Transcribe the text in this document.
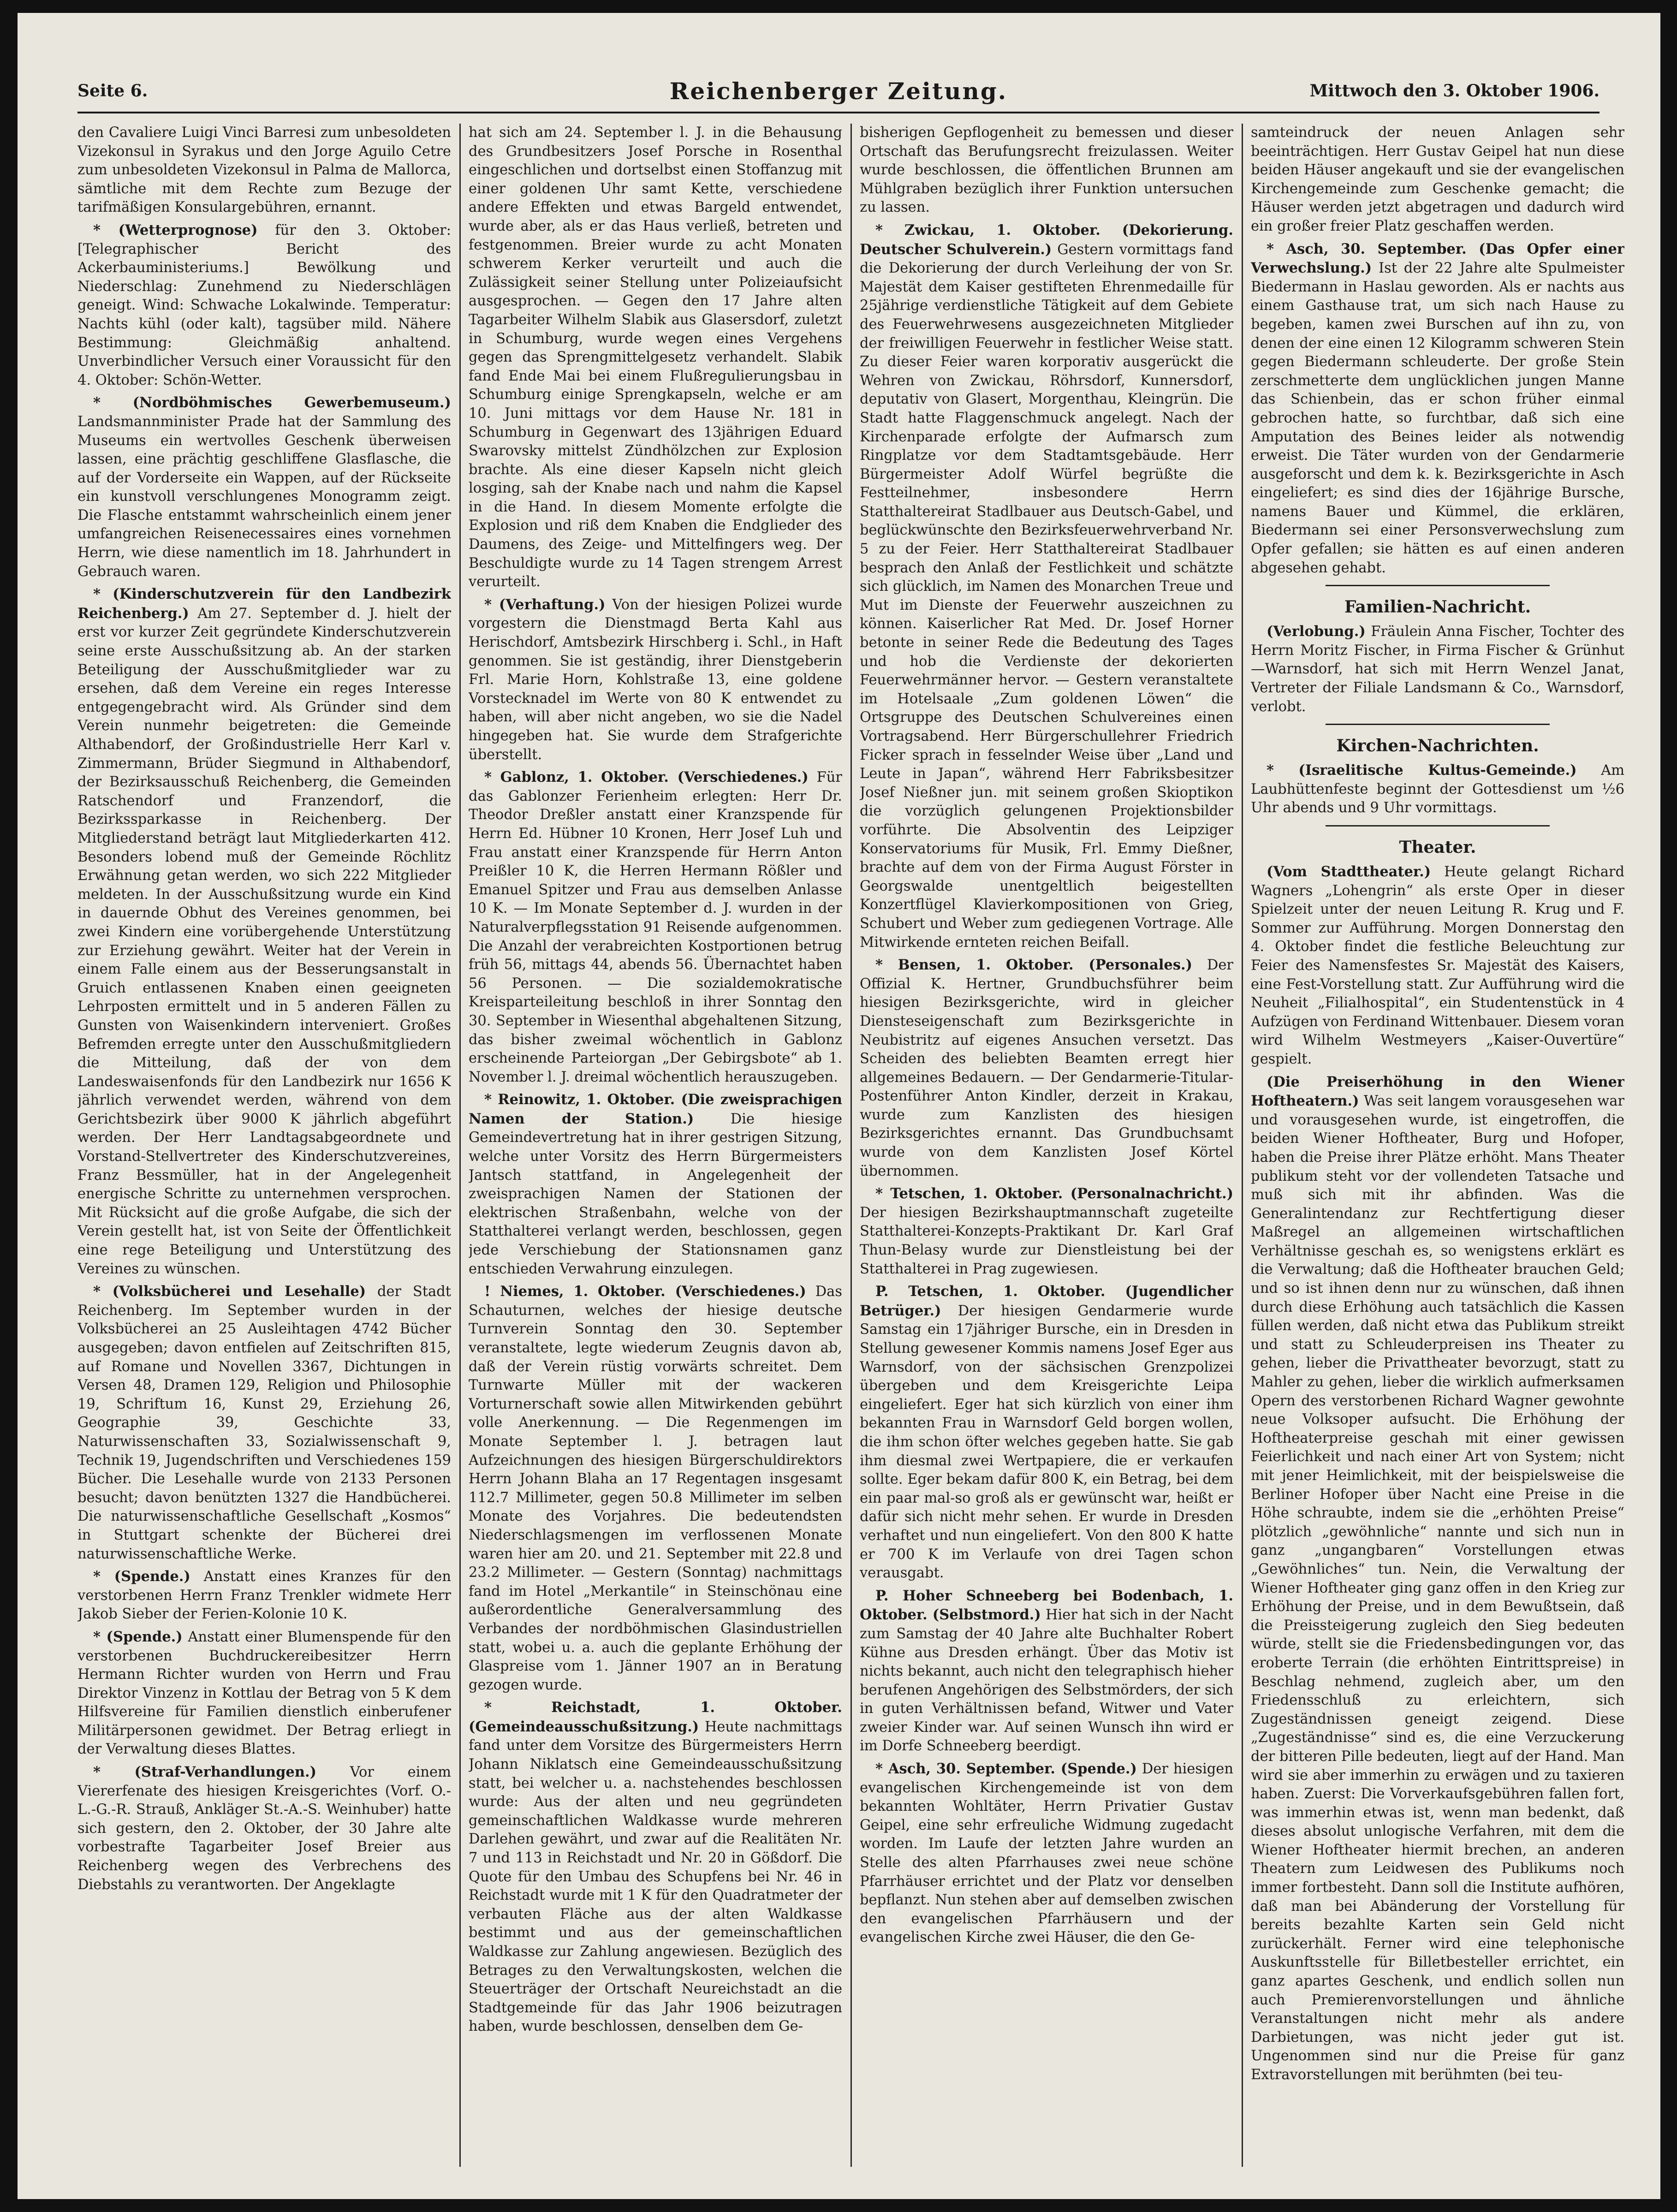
Seite 6.	Reichenberger Zeitung.	Mittwoch den 3. Oktober 1906.

den Cavaliere Luigi Vinci Barresi zum unbesoldeten Vizekonsul in Syrakus und den Jorge Aguilo Cetre zum unbesoldeten Vizekonsul in Palma de Mallorca, sämtliche mit dem Rechte zum Bezuge der tarifmäßigen Konsulargebühren, ernannt.

* (Wetterprognose) für den 3. Oktober: [Telegraphischer Bericht des Ackerbauministeriums.] Bewölkung und Niederschlag: Zunehmend zu Niederschlägen geneigt. Wind: Schwache Lokalwinde. Temperatur: Nachts kühl (oder kalt), tagsüber mild. Nähere Bestimmung: Gleichmäßig anhaltend. Unverbindlicher Versuch einer Voraussicht für den 4. Oktober: Schön-Wetter.

* (Nordböhmisches Gewerbemuseum.) Landsmannminister Prade hat der Sammlung des Museums ein wertvolles Geschenk überweisen lassen, eine prächtig geschliffene Glasflasche, die auf der Vorderseite ein Wappen, auf der Rückseite ein kunstvoll verschlungenes Monogramm zeigt. Die Flasche entstammt wahrscheinlich einem jener umfangreichen Reisenecessaires eines vornehmen Herrn, wie diese namentlich im 18. Jahrhundert in Gebrauch waren.

* (Kinderschutzverein für den Landbezirk Reichenberg.) Am 27. September d. J. hielt der erst vor kurzer Zeit gegründete Kinderschutzverein seine erste Ausschußsitzung ab. An der starken Beteiligung der Ausschußmitglieder war zu ersehen, daß dem Vereine ein reges Interesse entgegengebracht wird. Als Gründer sind dem Verein nunmehr beigetreten: die Gemeinde Althabendorf, der Großindustrielle Herr Karl v. Zimmermann, Brüder Siegmund in Althabendorf, der Bezirksausschuß Reichenberg, die Gemeinden Ratschendorf und Franzendorf, die Bezirkssparkasse in Reichenberg. Der Mitgliederstand beträgt laut Mitgliederkarten 412. Besonders lobend muß der Gemeinde Röchlitz Erwähnung getan werden, wo sich 222 Mitglieder meldeten. In der Ausschußsitzung wurde ein Kind in dauernde Obhut des Vereines genommen, bei zwei Kindern eine vorübergehende Unterstützung zur Erziehung gewährt. Weiter hat der Verein in einem Falle einem aus der Besserungsanstalt in Gruich entlassenen Knaben einen geeigneten Lehrposten ermittelt und in 5 anderen Fällen zu Gunsten von Waisenkindern interveniert. Großes Befremden erregte unter den Ausschußmitgliedern die Mitteilung, daß der von dem Landeswaisenfonds für den Landbezirk nur 1656 K jährlich verwendet werden, während von dem Gerichtsbezirk über 9000 K jährlich abgeführt werden. Der Herr Landtagsabgeordnete und Vorstand-Stellvertreter des Kinderschutzvereines, Franz Bessmüller, hat in der Angelegenheit energische Schritte zu unternehmen versprochen. Mit Rücksicht auf die große Aufgabe, die sich der Verein gestellt hat, ist von Seite der Öffentlichkeit eine rege Beteiligung und Unterstützung des Vereines zu wünschen.

* (Volksbücherei und Lesehalle) der Stadt Reichenberg. Im September wurden in der Volksbücherei an 25 Ausleihtagen 4742 Bücher ausgegeben; davon entfielen auf Zeitschriften 815, auf Romane und Novellen 3367, Dichtungen in Versen 48, Dramen 129, Religion und Philosophie 19, Schriftum 16, Kunst 29, Erziehung 26, Geographie 39, Geschichte 33, Naturwissenschaften 33, Sozialwissenschaft 9, Technik 19, Jugendschriften und Verschiedenes 159 Bücher. Die Lesehalle wurde von 2133 Personen besucht; davon benützten 1327 die Handbücherei. Die naturwissenschaftliche Gesellschaft „Kosmos“ in Stuttgart schenkte der Bücherei drei naturwissenschaftliche Werke.

* (Spende.) Anstatt eines Kranzes für den verstorbenen Herrn Franz Trenkler widmete Herr Jakob Sieber der Ferien-Kolonie 10 K.

* (Spende.) Anstatt einer Blumenspende für den verstorbenen Buchdruckereibesitzer Herrn Hermann Richter wurden von Herrn und Frau Direktor Vinzenz in Kottlau der Betrag von 5 K dem Hilfsvereine für Familien dienstlich einberufener Militärpersonen gewidmet. Der Betrag erliegt in der Verwaltung dieses Blattes.

* (Straf-Verhandlungen.) Vor einem Viererfenate des hiesigen Kreisgerichtes (Vorf. O.-L.-G.-R. Strauß, Ankläger St.-A.-S. Weinhuber) hatte sich gestern, den 2. Oktober, der 30 Jahre alte vorbestrafte Tagarbeiter Josef Breier aus Reichenberg wegen des Verbrechens des Diebstahls zu verantworten. Der Angeklagte

hat sich am 24. September l. J. in die Behausung des Grundbesitzers Josef Porsche in Rosenthal eingeschlichen und dortselbst einen Stoffanzug mit einer goldenen Uhr samt Kette, verschiedene andere Effekten und etwas Bargeld entwendet, wurde aber, als er das Haus verließ, betreten und festgenommen. Breier wurde zu acht Monaten schwerem Kerker verurteilt und auch die Zulässigkeit seiner Stellung unter Polizeiaufsicht ausgesprochen. — Gegen den 17 Jahre alten Tagarbeiter Wilhelm Slabik aus Glasersdorf, zuletzt in Schumburg, wurde wegen eines Vergehens gegen das Sprengmittelgesetz verhandelt. Slabik fand Ende Mai bei einem Flußregulierungsbau in Schumburg einige Sprengkapseln, welche er am 10. Juni mittags vor dem Hause Nr. 181 in Schumburg in Gegenwart des 13jährigen Eduard Swarovsky mittelst Zündhölzchen zur Explosion brachte. Als eine dieser Kapseln nicht gleich losging, sah der Knabe nach und nahm die Kapsel in die Hand. In diesem Momente erfolgte die Explosion und riß dem Knaben die Endglieder des Daumens, des Zeige- und Mittelfingers weg. Der Beschuldigte wurde zu 14 Tagen strengem Arrest verurteilt.

* (Verhaftung.) Von der hiesigen Polizei wurde vorgestern die Dienstmagd Berta Kahl aus Herischdorf, Amtsbezirk Hirschberg i. Schl., in Haft genommen. Sie ist geständig, ihrer Dienstgeberin Frl. Marie Horn, Kohlstraße 13, eine goldene Vorstecknadel im Werte von 80 K entwendet zu haben, will aber nicht angeben, wo sie die Nadel hingegeben hat. Sie wurde dem Strafgerichte überstellt.

* Gablonz, 1. Oktober. (Verschiedenes.) Für das Gablonzer Ferienheim erlegten: Herr Dr. Theodor Dreßler anstatt einer Kranzspende für Herrn Ed. Hübner 10 Kronen, Herr Josef Luh und Frau anstatt einer Kranzspende für Herrn Anton Preißler 10 K, die Herren Hermann Rößler und Emanuel Spitzer und Frau aus demselben Anlasse 10 K. — Im Monate September d. J. wurden in der Naturalverpflegsstation 91 Reisende aufgenommen. Die Anzahl der verabreichten Kostportionen betrug früh 56, mittags 44, abends 56. Übernachtet haben 56 Personen. — Die sozialdemokratische Kreisparteileitung beschloß in ihrer Sonntag den 30. September in Wiesenthal abgehaltenen Sitzung, das bisher zweimal wöchentlich in Gablonz erscheinende Parteiorgan „Der Gebirgsbote“ ab 1. November l. J. dreimal wöchentlich herauszugeben.

* Reinowitz, 1. Oktober. (Die zweisprachigen Namen der Station.)	Die hiesige Gemeindevertretung hat in ihrer gestrigen Sitzung, welche unter Vorsitz des Herrn Bürgermeisters Jantsch stattfand, in Angelegenheit der zweisprachigen Namen der Stationen der elektrischen Straßenbahn, welche von der Statthalterei verlangt werden, beschlossen, gegen jede Verschiebung der Stationsnamen ganz entschieden Verwahrung einzulegen.

! Niemes, 1. Oktober. (Verschiedenes.) Das Schauturnen, welches der hiesige deutsche Turnverein Sonntag den 30. September veranstaltete, legte wiederum Zeugnis davon ab, daß der Verein rüstig vorwärts schreitet. Dem Turnwarte Müller mit der wackeren Vorturnerschaft sowie allen Mitwirkenden gebührt volle Anerkennung. — Die Regenmengen im Monate September l. J. betragen laut Aufzeichnungen des hiesigen Bürgerschuldirektors Herrn Johann Blaha an 17 Regentagen insgesamt 112.7 Millimeter, gegen 50.8 Millimeter im selben Monate des Vorjahres. Die bedeutendsten Niederschlagsmengen im verflossenen Monate waren hier am 20. und 21. September mit 22.8 und 23.2 Millimeter. — Gestern (Sonntag) nachmittags fand im Hotel „Merkantile“ in Steinschönau eine außerordentliche Generalversammlung des Verbandes der nordböhmischen Glasindustriellen statt, wobei u. a. auch die geplante Erhöhung der Glaspreise vom 1. Jänner 1907 an in Beratung gezogen wurde.

* Reichstadt, 1. Oktober. (Gemeindeausschußsitzung.) Heute nachmittags fand unter dem Vorsitze des Bürgermeisters Herrn Johann Niklatsch eine Gemeindeausschußsitzung statt, bei welcher u. a. nachstehendes beschlossen wurde: Aus der alten und neu gegründeten gemeinschaftlichen Waldkasse wurde mehreren Darlehen gewährt, und zwar auf die Realitäten Nr. 7 und 113 in Reichstadt und Nr. 20 in Gößdorf. Die Quote für den Umbau des Schupfens bei Nr. 46 in Reichstadt wurde mit 1 K für den Quadratmeter der verbauten Fläche aus der alten Waldkasse bestimmt und aus der gemeinschaftlichen Waldkasse zur Zahlung angewiesen. Bezüglich des Betrages zu den Verwaltungskosten, welchen die Steuerträger der Ortschaft Neureichstadt an die Stadtgemeinde für das Jahr 1906 beizutragen haben, wurde beschlossen, denselben dem Ge-

bisherigen Gepflogenheit zu bemessen und dieser Ortschaft das Berufungsrecht freizulassen. Weiter wurde beschlossen, die öffentlichen Brunnen am Mühlgraben bezüglich ihrer Funktion untersuchen zu lassen.

* Zwickau, 1. Oktober. (Dekorierung. Deutscher Schulverein.) Gestern vormittags fand die Dekorierung der durch Verleihung der von Sr. Majestät dem Kaiser gestifteten Ehrenmedaille für 25jährige verdienstliche Tätigkeit auf dem Gebiete des Feuerwehrwesens ausgezeichneten Mitglieder der freiwilligen Feuerwehr in festlicher Weise statt. Zu dieser Feier waren korporativ ausgerückt die Wehren von Zwickau, Röhrsdorf, Kunnersdorf, deputativ von Glasert, Morgenthau, Kleingrün. Die Stadt hatte Flaggenschmuck angelegt. Nach der Kirchenparade erfolgte der Aufmarsch zum Ringplatze vor dem Stadtamtsgebäude. Herr Bürgermeister Adolf Würfel begrüßte die Festteilnehmer, insbesondere Herrn Statthaltereirat Stadlbauer aus Deutsch-Gabel, und beglückwünschte den Bezirksfeuerwehrverband Nr. 5 zu der Feier. Herr Statthaltereirat Stadlbauer besprach den Anlaß der Festlichkeit und schätzte sich glücklich, im Namen des Monarchen Treue und Mut im Dienste der Feuerwehr auszeichnen zu können. Kaiserlicher Rat Med. Dr. Josef Horner betonte in seiner Rede die Bedeutung des Tages und hob die Verdienste der dekorierten Feuerwehrmänner hervor. — Gestern veranstaltete im Hotelsaale „Zum goldenen Löwen“ die Ortsgruppe des Deutschen Schulvereines einen Vortragsabend. Herr Bürgerschullehrer Friedrich Ficker sprach in fesselnder Weise über „Land und Leute in Japan“, während Herr Fabriksbesitzer Josef Nießner jun. mit seinem großen Skioptikon die vorzüglich gelungenen Projektionsbilder vorführte. Die Absolventin des Leipziger Konservatoriums für Musik, Frl. Emmy Dießner, brachte auf dem von der Firma August Förster in Georgswalde unentgeltlich beigestellten Konzertflügel Klavierkompositionen von Grieg, Schubert und Weber zum gediegenen Vortrage. Alle Mitwirkende ernteten reichen Beifall.

* Bensen, 1. Oktober. (Personales.) Der Offizial K. Hertner, Grundbuchsführer beim hiesigen Bezirksgerichte, wird in gleicher Diensteseigenschaft zum Bezirksgerichte in Neubistritz auf eigenes Ansuchen versetzt. Das Scheiden des beliebten Beamten erregt hier allgemeines Bedauern. — Der Gendarmerie-Titular-Postenführer Anton Kindler, derzeit in Krakau, wurde zum Kanzlisten des hiesigen Bezirksgerichtes ernannt. Das Grundbuchsamt wurde von dem Kanzlisten Josef Körtel übernommen.

* Tetschen, 1. Oktober. (Personalnachricht.) Der hiesigen Bezirkshauptmannschaft zugeteilte Statthalterei-Konzepts-Praktikant Dr. Karl Graf Thun-Belasy wurde zur Dienstleistung bei der Statthalterei in Prag zugewiesen.

P. Tetschen, 1. Oktober. (Jugendlicher Betrüger.) Der hiesigen Gendarmerie wurde Samstag ein 17jähriger Bursche, ein in Dresden in Stellung gewesener Kommis namens Josef Eger aus Warnsdorf, von der sächsischen Grenzpolizei übergeben und dem Kreisgerichte Leipa eingeliefert. Eger hat sich kürzlich von einer ihm bekannten Frau in Warnsdorf Geld borgen wollen, die ihm schon öfter welches gegeben hatte. Sie gab ihm diesmal zwei Wertpapiere, die er verkaufen sollte. Eger bekam dafür 800 K, ein Betrag, bei dem ein paar mal-so groß als er gewünscht war, heißt er dafür sich nicht mehr sehen. Er wurde in Dresden verhaftet und nun eingeliefert. Von den 800 K hatte er 700 K im Verlaufe von drei Tagen schon verausgabt.

P. Hoher Schneeberg bei Bodenbach, 1. Oktober. (Selbstmord.) Hier hat sich in der Nacht zum Samstag der 40 Jahre alte Buchhalter Robert Kühne aus Dresden erhängt. Über das Motiv ist nichts bekannt, auch nicht den telegraphisch hieher berufenen Angehörigen des Selbstmörders, der sich in guten Verhältnissen befand, Witwer und Vater zweier Kinder war. Auf seinen Wunsch ihn wird er im Dorfe Schneeberg beerdigt.

* Asch, 30. September. (Spende.) Der hiesigen evangelischen Kirchengemeinde ist von dem bekannten Wohltäter, Herrn Privatier Gustav Geipel, eine sehr erfreuliche Widmung zugedacht worden. Im Laufe der letzten Jahre wurden an Stelle des alten Pfarrhauses zwei neue schöne Pfarrhäuser errichtet und der Platz vor denselben bepflanzt. Nun stehen aber auf demselben zwischen den evangelischen Pfarrhäusern und der evangelischen Kirche zwei Häuser, die den Ge-

samteindruck der neuen Anlagen sehr beeinträchtigen. Herr Gustav Geipel hat nun diese beiden Häuser angekauft und sie der evangelischen Kirchengemeinde zum Geschenke gemacht; die Häuser werden jetzt abgetragen und dadurch wird ein großer freier Platz geschaffen werden.

* Asch, 30. September. (Das Opfer einer Verwechslung.) Ist der 22 Jahre alte Spulmeister Biedermann in Haslau geworden. Als er nachts aus einem Gasthause trat, um sich nach Hause zu begeben, kamen zwei Burschen auf ihn zu, von denen der eine einen 12 Kilogramm schweren Stein gegen Biedermann schleuderte. Der große Stein zerschmetterte dem unglücklichen jungen Manne das Schienbein, das er schon früher einmal gebrochen hatte, so furchtbar, daß sich eine Amputation des Beines leider als notwendig erweist. Die Täter wurden von der Gendarmerie ausgeforscht und dem k. k. Bezirksgerichte in Asch eingeliefert; es sind dies der 16jährige Bursche, namens Bauer und Kümmel, die erklären, Biedermann sei einer Personsverwechslung zum Opfer gefallen; sie hätten es auf einen anderen abgesehen gehabt.

Familien-Nachricht.

(Verlobung.) Fräulein Anna Fischer, Tochter des Herrn Moritz Fischer, in Firma Fischer & Grünhut—Warnsdorf, hat sich mit Herrn Wenzel Janat, Vertreter der Filiale Landsmann & Co., Warnsdorf, verlobt.

Kirchen-Nachrichten.

* (Israelitische Kultus-Gemeinde.) Am Laubhüttenfeste beginnt der Gottesdienst um ½6 Uhr abends und 9 Uhr vormittags.

Theater.

(Vom Stadttheater.) Heute gelangt Richard Wagners „Lohengrin“ als erste Oper in dieser Spielzeit unter der neuen Leitung R. Krug und F. Sommer zur Aufführung. Morgen Donnerstag den 4. Oktober findet die festliche Beleuchtung zur Feier des Namensfestes Sr. Majestät des Kaisers, eine Fest-Vorstellung statt. Zur Aufführung wird die Neuheit „Filialhospital“, ein Studentenstück in 4 Aufzügen von Ferdinand Wittenbauer. Diesem voran wird Wilhelm Westmeyers „Kaiser-Ouvertüre“ gespielt.

(Die Preiserhöhung in den Wiener Hoftheatern.) Was seit langem vorausgesehen war und vorausgesehen wurde, ist eingetroffen, die beiden Wiener Hoftheater, Burg und Hofoper, haben die Preise ihrer Plätze erhöht. Mans Theater publikum steht vor der vollendeten Tatsache und muß sich mit ihr abfinden. Was die Generalintendanz zur Rechtfertigung dieser Maßregel an allgemeinen wirtschaftlichen Verhältnisse geschah es, so wenigstens erklärt es die Verwaltung; daß die Hoftheater brauchen Geld; und so ist ihnen denn nur zu wünschen, daß ihnen durch diese Erhöhung auch tatsächlich die Kassen füllen werden, daß nicht etwa das Publikum streikt und statt zu Schleuderpreisen ins Theater zu gehen, lieber die Privattheater bevorzugt, statt zu Mahler zu gehen, lieber die wirklich aufmerksamen Opern des verstorbenen Richard Wagner gewohnte neue Volksoper aufsucht. Die Erhöhung der Hoftheaterpreise geschah mit einer gewissen Feierlichkeit und nach einer Art von System; nicht mit jener Heimlichkeit, mit der beispielsweise die Berliner Hofoper über Nacht eine Preise in die Höhe schraubte, indem sie die „erhöhten Preise“ plötzlich „gewöhnliche“ nannte und sich nun in ganz „ungangbaren“ Vorstellungen etwas „Gewöhnliches“ tun. Nein, die Verwaltung der Wiener Hoftheater ging ganz offen in den Krieg zur Erhöhung der Preise, und in dem Bewußtsein, daß die Preissteigerung zugleich den Sieg bedeuten würde, stellt sie die Friedensbedingungen vor, das eroberte Terrain (die erhöhten Eintrittspreise) in Beschlag nehmend, zugleich aber, um den Friedensschluß zu erleichtern, sich Zugeständnissen geneigt zeigend. Diese „Zugeständnisse“ sind es, die eine Verzuckerung der bitteren Pille bedeuten, liegt auf der Hand. Man wird sie aber immerhin zu erwägen und zu taxieren haben. Zuerst: Die Vorverkaufsgebühren fallen fort, was immerhin etwas ist, wenn man bedenkt, daß dieses absolut unlogische Verfahren, mit dem die Wiener Hoftheater hiermit brechen, an anderen Theatern zum Leidwesen des Publikums noch immer fortbesteht. Dann soll die Institute aufhören, daß man bei Abänderung der Vorstellung für bereits bezahlte Karten sein Geld nicht zurückerhält. Ferner wird eine telephonische Auskunftsstelle für Billetbesteller errichtet, ein ganz apartes Geschenk, und endlich sollen nun auch Premierenvorstellungen und ähnliche Veranstaltungen nicht mehr als andere Darbietungen, was nicht jeder gut ist. Ungenommen sind nur die Preise für ganz Extravorstellungen mit berühmten (bei teu-
